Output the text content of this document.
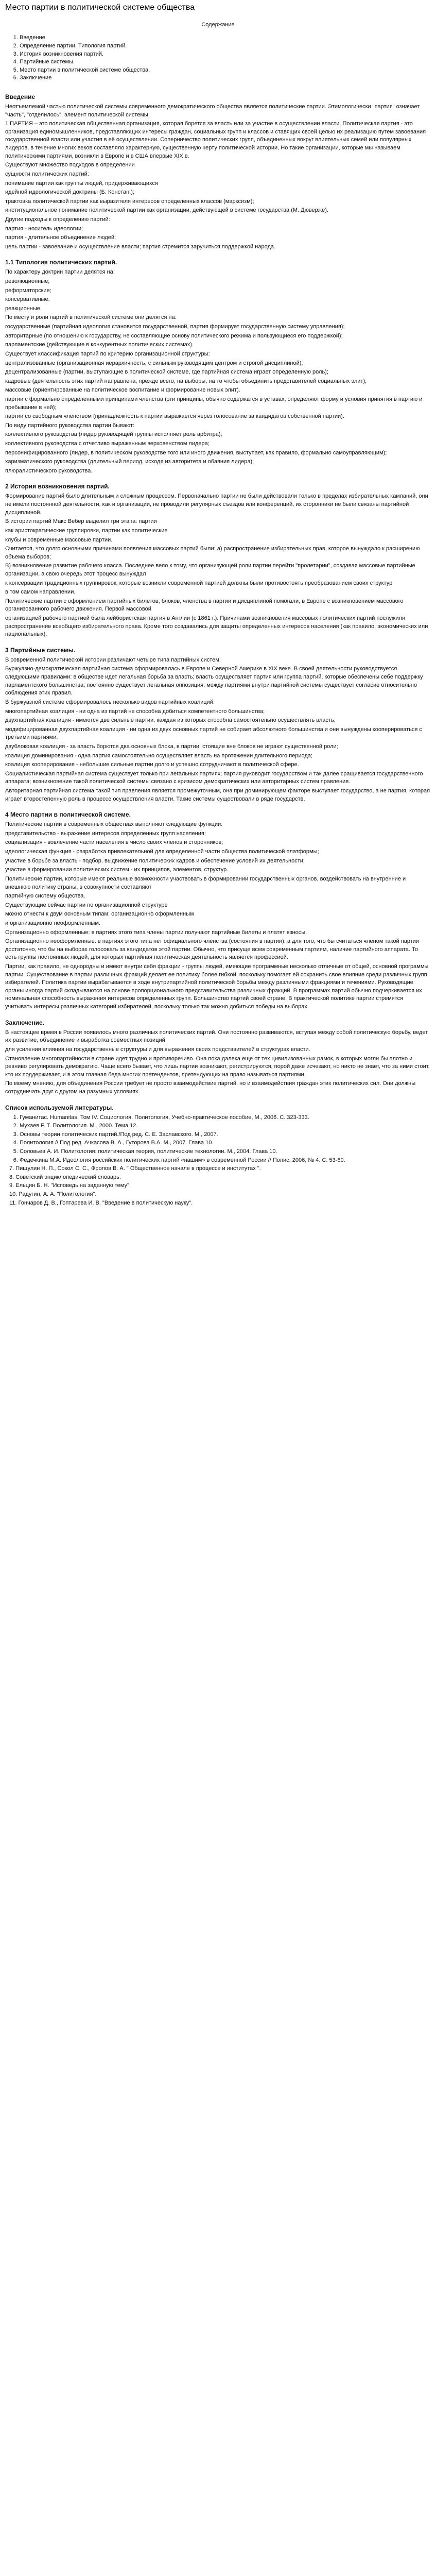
Место партии в политической системе общества

Содержание

1. Введение
2. Определение партии. Типология партий.
3. История возникновения партий.
4. Партийные системы.
5. Место партии в политической системе общества.
6. Заключение
Введение

Неотъемлемой частью политической системы современного демократического общества является политические партии. Этимологически "партия" означает "часть", "отделилось", элемент политической системы.

1 ПАРТИЯ – это политическая общественная организация, которая борется за власть или за участие в осуществлении власти. Политическая партия - это организация единомышленников, представляющих интересы граждан, социальных групп и классов и ставящих своей целью их реализацию путем завоевания государственной власти или участия в её осуществлении. Соперничество политических групп, объединенных вокруг влиятельных семей или популярных лидеров, в течение многих веков составляло характерную, существенную черту политической истории, Но такие организации, которые мы называем политическими партиями, возникли в Европе и в США впервые XIX в.

Существуют множество подходов в определении

сущности политических партий:

понимание партии как группы людей, придерживающихся

идейной идеологической доктрины (Б. Констан.);

трактовка политической партии как выразителя интересов определенных классов (марксизм);

институциональное понимание политической партии как организации, действующей в системе государства (М. Дюверже).

Другие подходы к определению партий:

партия - носитель идеологии;

партия - длительное объединение людей;

цель партии - завоевание и осуществление власти; партия стремится заручиться поддержкой народа.

1.1 Типология политических партий.

По характеру доктрин партии делятся на:

революционные;

реформаторские;

консервативные;

реакционные.

По месту и роли партий в политической системе они делятся на:

государственные (партийная идеология становится государственной, партия формирует государственную систему управления);

авторитарные (по отношению к государству, не составляющие основу политического режима и пользующиеся его поддержкой);

парламентские (действующие в конкурентных политических системах).

Существует классификация партий по критерию организационной структуры:

централизованные (организационная иерархичность, с сильным руководящим центром и строгой дисциплиной);

децентрализованные (партии, выступающие в политической системе, где партийная система играет определенную роль);

кадровые (деятельность этих партий направлена, прежде всего, на выборы, на то чтобы объединить представителей социальных элит);

массовые (ориентированные на политическое воспитание и формирование новых элит).

партии с формально определенными принципами членства (эти принципы, обычно содержатся в уставах, определяют форму и условия принятия в партию и пребывание в ней);

партии со свободным членством (принадлежность к партии выражается через голосование за кандидатов собственной партии).

По виду партийного руководства партии бывают:

коллективного руководства (лидер руководящей группы исполняет роль арбитра);

коллективного руководства с отчетливо выраженным верховенством лидера;

персонифицированного (лидер, в политическом руководстве того или иного движения, выступает, как правило, формально самоуправляющим);

харизматического руководства (длительный период, исходя из авторитета и обаяния лидера);

плюралистического руководства.

2 История возникновения партий.

Формирование партий было длительным и сложным процессом. Первоначально партии не были действовали только в пределах избирательных кампаний, они не имели постоянной деятельности, как и организации, не проводили регулярных съездов или конференций, их сторонники не были связаны партийной дисциплиной.

В истории партий Макс Вебер выделил три этапа: партии

как аристократические группировки, партии как политические

клубы и современные массовые партии.

Считается, что долго основными причинами появления массовых партий были: а) распространение избирательных прав, которое вынуждало к расширению объема выборов;

В) возникновение развитие рабочего класса. Последнее вело к тому, что организующей роли партии перейти "пролетарии", создавая массовые партийные организации, а свою очередь этот процесс вынуждал

к консервации традиционных группировок, которые возникли современной партией должны были противостоять преобразованием своих структур

в том самом направлении.

Политические партии с оформлением партийных билетов, блоков, членства в партии и дисциплиной помогали, в Европе с возникновением массового организованного рабочего движения. Первой массовой

организацией рабочего партией была лейбористская партия в Англии (с 1861 г.). Причинами возникновения массовых политических партий послужили распространение всеобщего избирательного права. Кроме того создавались для защиты определенных интересов населения (как правило, экономических или национальных).

3 Партийные системы.

В современной политической истории различают четыре типа партийных систем.

Буржуазно-демократическая партийная система сформировалась в Европе и Северной Америке в XIX веке. В своей деятельности руководствуется следующими правилами: в обществе идет легальная борьба за власть; власть осуществляет партия или группа партий, которые обеспечены себе поддержку парламентского большинства; постоянно существует легальная оппозиция; между партиями внутри партийной системы существует согласие относительно соблюдения этих правил.

В буржуазной системе сформировалось несколько видов партийных коалиций:

многопартийная коалиция - ни одна из партий не способна добиться компетентного большинства;

двухпартийная коалиция - имеются две сильные партии, каждая из которых способна самостоятельно осуществлять власть;

модифицированная двухпартийная коалиция - ни одна из двух основных партий не собирает абсолютного большинства и они вынуждены кооперироваться с третьими партиями.

двублоковая коалиция - за власть борются два основных блока, в партии, стоящие вне блоков не играют существенной роли;

коалиция доминирования - одна партия самостоятельно осуществляет власть на протяжении длительного периода;

коалиция кооперирования - небольшие сильные партии долго и успешно сотрудничают в политической сфере.

Социалистическая партийная система существует только при легальных партиях; партия руководит государством и так далее сращивается государственного аппарата; возникновение такой политической системы связано с кризисом демократических или авторитарных систем правления.

Авторитарная партийная система такой тип правления является промежуточным, она при доминирующем факторе выступает государство, а не партия, которая играет второстепенную роль в процессе осуществления власти. Такие системы существовали в ряде государств.

4 Место партии в политической системе.

Политические партии в современных обществах выполняют следующие функции:

представительство - выражение интересов определенных групп населения;

социализация - вовлечение части населения в число своих членов и сторонников;

идеологическая функция - разработка привлекательной для определенной части общества политической платформы;

участие в борьбе за власть - подбор, выдвижение политических кадров и обеспечение условий их деятельности;

участие в формировании политических систем - их принципов, элементов, структур.

Политические партии, которые имеют реальные возможности участвовать в формировании государственных органов, воздействовать на внутренние и внешнюю политику страны, в совокупности составляют

партийную систему общества.

Существующие сейчас партии по организационной структуре

можно отнести к двум основным типам: организационно оформленным

и организационно неоформленным.

Организационно оформленные: в партиях этого типа члены партии получают партийные билеты и платят взносы.

Организационно неоформленные: в партиях этого типа нет официального членства (состояния в партии), а для того, что бы считаться членом такой партии достаточно, что бы на выборах голосовать за кандидатов этой партии. Обычно, что присуще всем современным партиям, наличие партийного аппарата. То есть группы постоянных людей, для которых партийная политическая деятельность является профессией.

Партии, как правило, не однородны и имеют внутри себя фракции - группы людей, имеющие программные несколько отличные от общей, основной программы партии. Существование в партии различных фракций делает ее политику более гибкой, поскольку помогает ей сохранить свое влияние среди различных групп избирателей. Политика партии вырабатывается в ходе внутрипартийной политической борьбы между различными фракциями и течениями. Руководящие органы иногда партий складываются на основе пропорционального представительства различных фракций. В программах партий обычно подчеркивается их номинальная способность выражения интересов определенных групп. Большинство партий своей стране. В практической политике партии стремятся учитывать интересы различных категорий избирателей, поскольку только так можно добиться победы на выборах.

Заключение.

В настоящее время в России появилось много различных политических партий. Они постоянно развиваются, вступая между собой политическую борьбу, ведет их развитие, объединение и выработка совместных позиций

для усиления влияния на государственные структуры и для выражения своих представителей в структурах власти.

Становление многопартийности в стране идет трудно и противоречиво. Она пока далека еще от тех цивилизованных рамок, в которых могли бы плотно и ревниво регулировать демократию. Чаще всего бывает, что лишь партии возникают, регистрируются, порой даже исчезают, но никто не знает, что за ними стоит, кто их поддерживает, и в этом главная беда многих претендентов, претендующих на право называться партиями.

По моему мнению, для объединения России требует не просто взаимодействие партий, но и взаимодействия граждан этих политических сил. Они должны сотрудничать друг с другом на разумных условиях.

Список используемой литературы.
1. Гуманитас. Humanitas. Том IV. Социология. Политология, Учебно-практическое пособие, М., 2006. С. 323-333.
2. Мухаев Р. Т. Политология. М., 2000. Тема 12.
3. Основы теории политических партий./Под ред. С. Е. Заславского. М., 2007.
4. Политология // Под ред. Ачкасова В. А., Гуторова В.А. М., 2007. Глава 10.
5. Соловьев А. И. Политология: политическая теория, политические технологии. М., 2004. Глава 10.
6. Федечкина М.А. Идеология российских политических партий «нашим» в современной России // Полис. 2006, № 4. С. 53-60.

7. Пищулин Н. П., Сокол С. С., Фролов В. А. " Общественное начале в процессе и институтах ".

8. Советский энциклопедический словарь.

9. Ельцин Б. Н. "Исповедь на заданную тему".

10. Радугин, А. А. "Политология".

11. Гончаров Д. В., Гоптарева И. В. "Введение в политическую науку".
